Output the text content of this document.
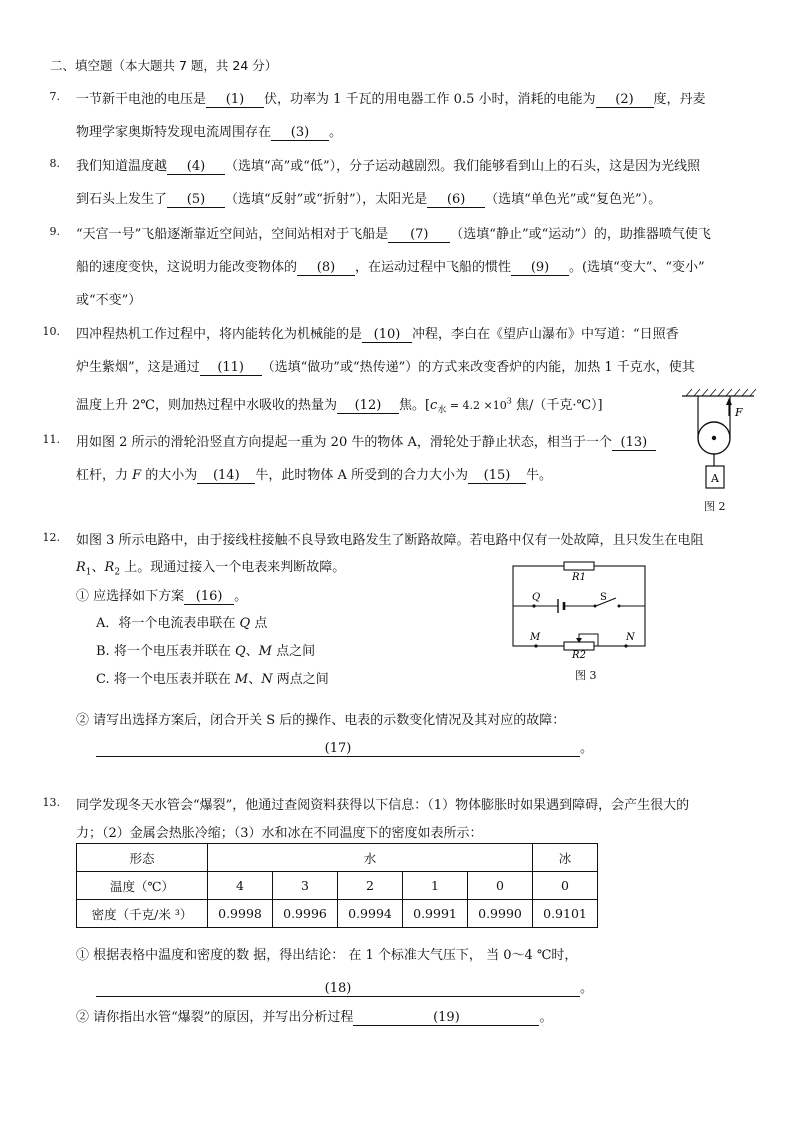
二、填空题（本大题共 7 题，共 24 分）
7. 一节新干电池的电压是 (1) 伏，功率为 1 千瓦的用电器工作 0.5 小时，消耗的电能为 (2) 度，丹麦
物理学家奥斯特发现电流周围存在 (3) 。
8. 我们知道温度越 (4) （选填“高”或“低”），分子运动越剧烈。我们能够看到山上的石头，这是因为光线照
到石头上发生了 (5) （选填“反射”或“折射”），太阳光是 (6) （选填“单色光”或“复色光”）。
9. “天宫一号”飞船逐渐靠近空间站，空间站相对于飞船是 (7) （选填“静止”或“运动”）的，助推器喷气使飞
船的速度变快，这说明力能改变物体的 (8) ，在运动过程中飞船的惯性 (9) 。(选填“变大”、“变小”
或“不变”）
10. 四冲程热机工作过程中，将内能转化为机械能的是 (10) 冲程，李白在《望庐山瀑布》中写道：“日照香
炉生紫烟”，这是通过 (11) （选填“做功”或“热传递”）的方式来改变香炉的内能，加热 1 千克水，使其
温度上升 2℃，则加热过程中水吸收的热量为 (12) 焦。[$c_水 = 4.2 \times 10^3$ 焦/（千克·℃）]
11. 用如图 2 所示的滑轮沿竖直方向提起一重为 20 牛的物体 A，滑轮处于静止状态，相当于一个 (13)
杠杆，力 F 的大小为 (14) 牛，此时物体 A 所受到的合力大小为 (15) 牛。
F
A
图 2
12. 如图 3 所示电路中，由于接线柱接触不良导致电路发生了断路故障。若电路中仅有一处故障，且只发生在电阻
$R_1$、$R_2$ 上。现通过接入一个电表来判断故障。
① 应选择如下方案 (16) 。
A．将一个电流表串联在 Q 点
B. 将一个电压表并联在 Q、M 点之间
C. 将一个电压表并联在 M、N 两点之间
R1
Q	S
M	N
R2
图 3
② 请写出选择方案后，闭合开关 S 后的操作、电表的示数变化情况及其对应的故障：
(17)	。
13. 同学发现冬天水管会“爆裂”，他通过查阅资料获得以下信息：（1）物体膨胀时如果遇到障碍，会产生很大的
力；（2）金属会热胀冷缩；（3）水和冰在不同温度下的密度如表所示：
形态	水					冰
温度（℃）	4	3	2	1	0	0
密度（千克/米 ³）	0.9998	0.9996	0.9994	0.9991	0.9990	0.9101
① 根据表格中温度和密度的数 据，得出结论： 在 1 个标准大气压下， 当 0～4 ℃时，
(18)	。
② 请你指出水管“爆裂”的原因，并写出分析过程	(19)	。
